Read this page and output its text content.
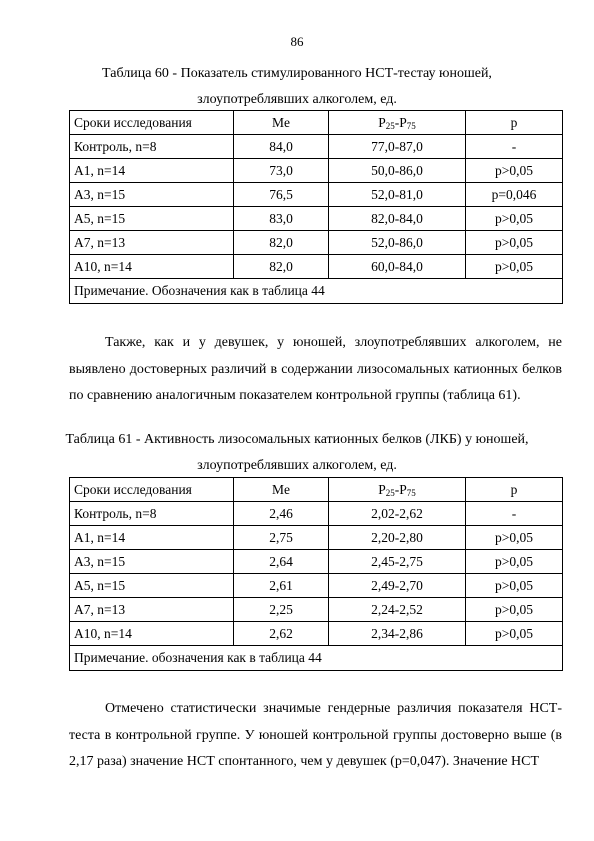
86
Таблица 60 - Показатель стимулированного НСТ-тестау юношей,
злоупотреблявших алкоголем, ед.
Сроки исследования	Me	$P_{25}-P_{75}$	p
Контроль, n=8	84,0	77,0-87,0	-
А1, n=14	73,0	50,0-86,0	p>0,05
А3, n=15	76,5	52,0-81,0	p=0,046
А5, n=15	83,0	82,0-84,0	p>0,05
А7, n=13	82,0	52,0-86,0	p>0,05
А10, n=14	82,0	60,0-84,0	p>0,05
Примечание. Обозначения как в таблица 44			
Также, как и у девушек, у юношей, злоупотреблявших алкоголем, не выявлено достоверных различий в содержании лизосомальных катионных белков по сравнению аналогичным показателем контрольной группы (таблица 61).
Таблица 61 - Активность лизосомальных катионных белков (ЛКБ) у юношей,
злоупотреблявших алкоголем, ед.
Сроки исследования	Me	$P_{25}-P_{75}$	p
Контроль, n=8	2,46	2,02-2,62	-
А1, n=14	2,75	2,20-2,80	p>0,05
А3, n=15	2,64	2,45-2,75	p>0,05
А5, n=15	2,61	2,49-2,70	p>0,05
А7, n=13	2,25	2,24-2,52	p>0,05
А10, n=14	2,62	2,34-2,86	p>0,05
Примечание. обозначения как в таблица 44			
Отмечено статистически значимые гендерные различия показателя НСТ-теста в контрольной группе. У юношей контрольной группы достоверно выше (в 2,17 раза) значение НСТ спонтанного, чем у девушек (p=0,047). Значение НСТ
